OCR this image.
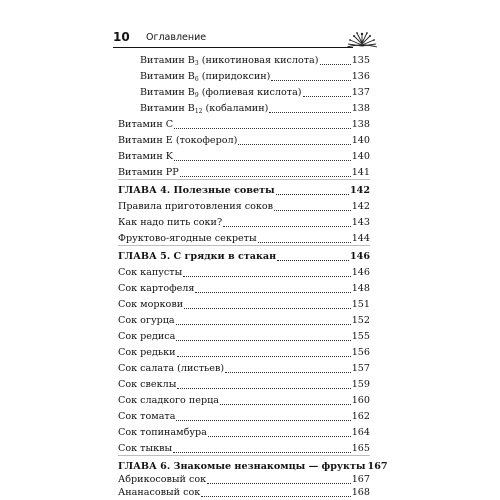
10 Оглавление
Витамин $B_3$ (никотиновая кислота)	135
Витамин $B_6$ (пиридоксин)	136
Витамин $B_9$ (фолиевая кислота)	137
Витамин $B_{12}$ (кобаламин)	138
Витамин C	138
Витамин E (токоферол)	140
Витамин K	140
Витамин PP	141
ГЛАВА 4. Полезные советы	142
Правила приготовления соков	142
Как надо пить соки?	143
Фруктово-ягодные секреты	144
ГЛАВА 5. С грядки в стакан	146
Сок капусты	146
Сок картофеля	148
Сок моркови	151
Сок огурца	152
Сок редиса	155
Сок редьки	156
Сок салата (листьев)	157
Сок свеклы	159
Сок сладкого перца	160
Сок томата	162
Сок топинамбура	164
Сок тыквы	165
ГЛАВА 6. Знакомые незнакомцы — фрукты 167
Абрикосовый сок	167
Ананасовый сок	168
